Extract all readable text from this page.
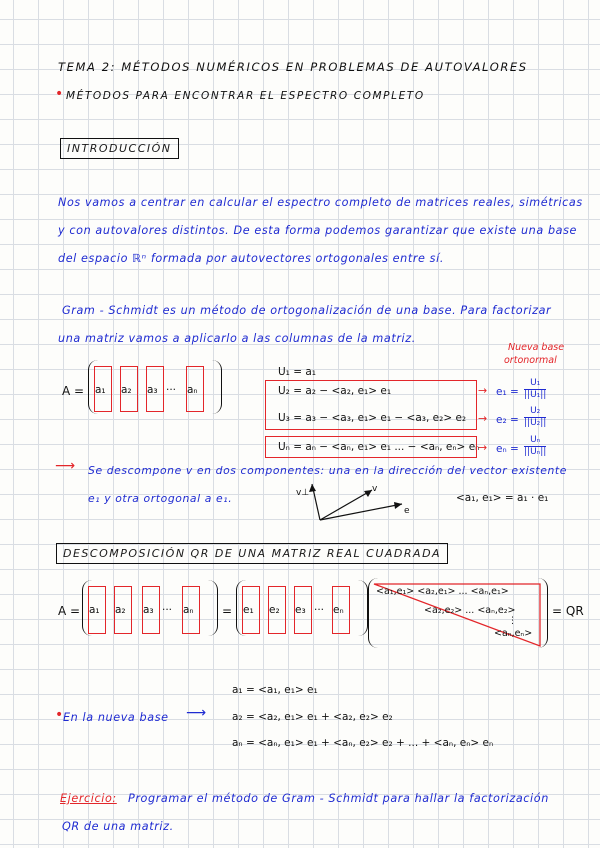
TEMA 2: MÉTODOS NUMÉRICOS EN PROBLEMAS DE AUTOVALORES
• MÉTODOS PARA ENCONTRAR EL ESPECTRO COMPLETO
INTRODUCCIÓN
Nos vamos a centrar en calcular el espectro completo de matrices reales, simétricas
y con autovalores distintos. De esta forma podemos garantizar que existe una base
del espacio ℝⁿ formada por autovectores ortogonales entre sí.
Gram - Schmidt es un método de ortogonalización de una base. Para factorizar
una matriz vamos a aplicarlo a las columnas de la matriz.
A = a₁ a₂ a₃ ··· aₙ
Nueva base
ortonormal
U₁ = a₁
U₂ = a₂ − <a₂, e₁> e₁
U₃ = a₃ − <a₃, e₁> e₁ − <a₃, e₂> e₂
Uₙ = aₙ − <aₙ, e₁> e₁ ... − <aₙ, eₙ> eₙ
→
→
→
$e_1 = \frac{\text{U₁}}{\text{||U₁||}}$
$e_2 = \frac{\text{U₂}}{\text{||U₂||}}$
$e_n = \frac{\text{Uₙ}}{\text{||Uₙ||}}$
⟶ Se descompone v en dos componentes: una en la dirección del vector existente
e₁ y otra ortogonal a e₁.	v⊥	v
e
<a₁, e₁> = a₁ · e₁
DESCOMPOSICIÓN QR DE UNA MATRIZ REAL CUADRADA
A = a₁ a₂ a₃ ··· aₙ = e₁ e₂ e₃ ··· eₙ
<a₁,e₁> <a₂,e₁> ... <aₙ,e₁>
<a₂,e₂> ... <aₙ,e₂>
⋮
<aₙ,eₙ>
= QR
a₁ = <a₁, e₁> e₁
• En la nueva base ⟶ a₂ = <a₂, e₁> e₁ + <a₂, e₂> e₂
aₙ = <aₙ, e₁> e₁ + <aₙ, e₂> e₂ + ... + <aₙ, eₙ> eₙ
Ejercicio: Programar el método de Gram - Schmidt para hallar la factorización
QR de una matriz.
